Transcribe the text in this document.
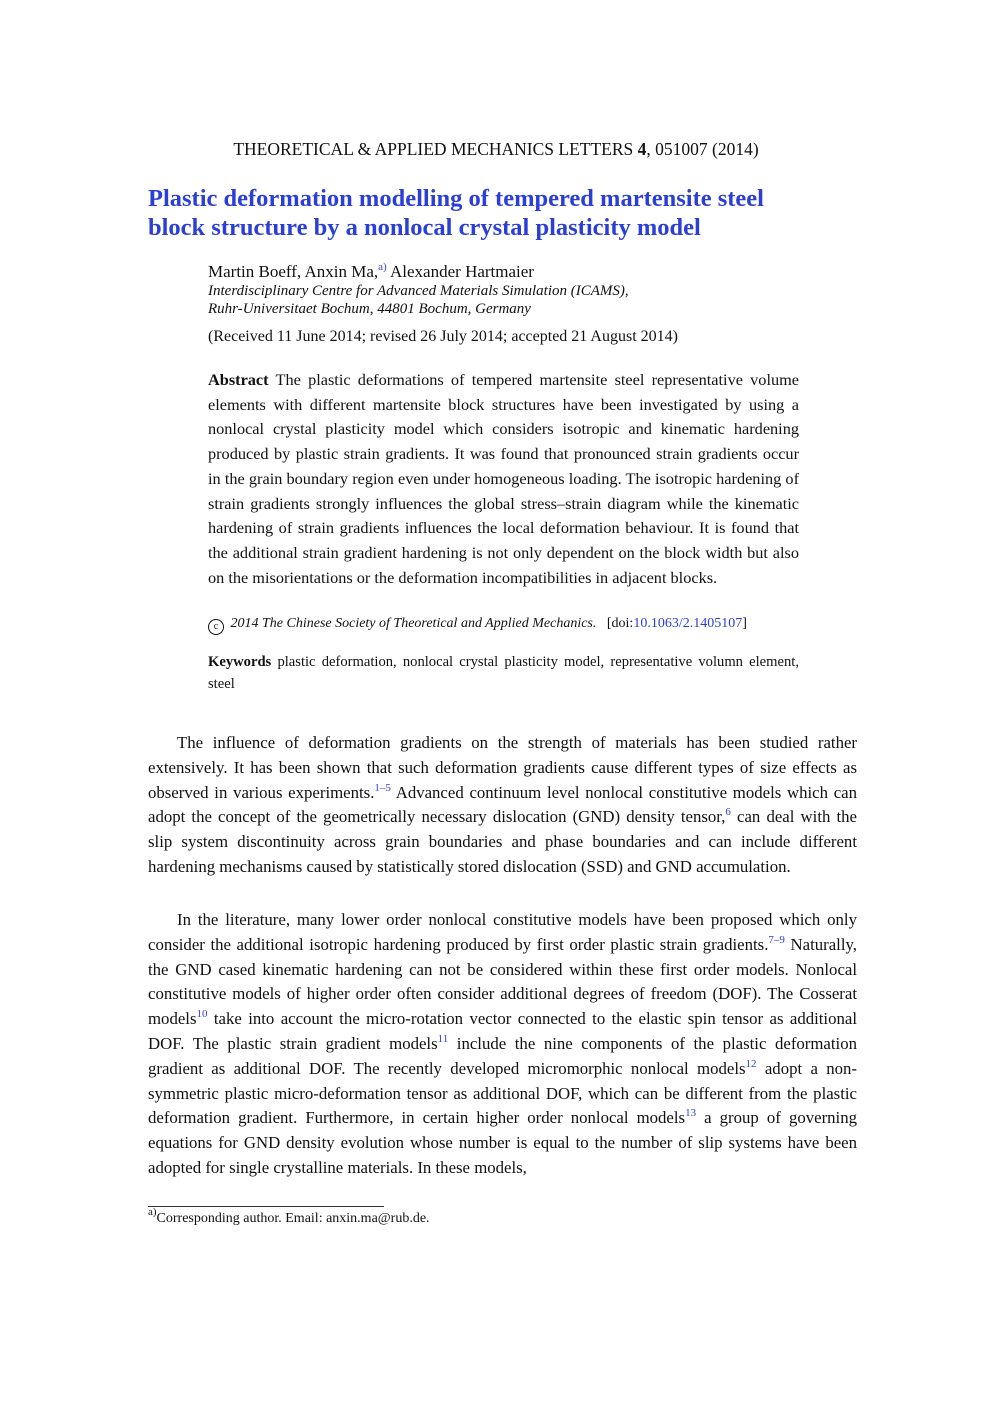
THEORETICAL & APPLIED MECHANICS LETTERS 4, 051007 (2014)
Plastic deformation modelling of tempered martensite steel
block structure by a nonlocal crystal plasticity model
Martin Boeff, Anxin Ma,$^{a)}$ Alexander Hartmaier
Interdisciplinary Centre for Advanced Materials Simulation (ICAMS),
Ruhr-Universitaet Bochum, 44801 Bochum, Germany
(Received 11 June 2014; revised 26 July 2014; accepted 21 August 2014)

Abstract The plastic deformations of tempered martensite steel representative volume elements with different martensite block structures have been investigated by using a nonlocal crystal plasticity model which considers isotropic and kinematic hardening produced by plastic strain gradients. It was found that pronounced strain gradients occur in the grain boundary region even under homogeneous loading. The isotropic hardening of strain gradients strongly influences the global stress–strain diagram while the kinematic hardening of strain gradients influences the local deformation behaviour. It is found that the additional strain gradient hardening is not only dependent on the block width but also on the misorientations or the deformation incompatibilities in adjacent blocks.

c 2014 The Chinese Society of Theoretical and Applied Mechanics. [doi:10.1063/2.1405107]

Keywords plastic deformation, nonlocal crystal plasticity model, representative volumn element, steel

The influence of deformation gradients on the strength of materials has been studied rather extensively. It has been shown that such deformation gradients cause different types of size effects as observed in various experiments.$^{1-5}$ Advanced continuum level nonlocal constitutive models which can adopt the concept of the geometrically necessary dislocation (GND) density tensor,$^6$ can deal with the slip system discontinuity across grain boundaries and phase boundaries and can include different hardening mechanisms caused by statistically stored dislocation (SSD) and GND accumulation.

In the literature, many lower order nonlocal constitutive models have been proposed which only consider the additional isotropic hardening produced by first order plastic strain gradients.$^{7-9}$ Naturally, the GND cased kinematic hardening can not be considered within these first order models. Nonlocal constitutive models of higher order often consider additional degrees of freedom (DOF). The Cosserat models$^{10}$ take into account the micro-rotation vector connected to the elastic spin tensor as additional DOF. The plastic strain gradient models$^{11}$ include the nine components of the plastic deformation gradient as additional DOF. The recently developed micromorphic nonlocal models$^{12}$ adopt a non-symmetric plastic micro-deformation tensor as additional DOF, which can be different from the plastic deformation gradient. Furthermore, in certain higher order nonlocal models$^{13}$ a group of governing equations for GND density evolution whose number is equal to the number of slip systems have been adopted for single crystalline materials. In these models,

$^{a)}$Corresponding author. Email: anxin.ma@rub.de.
